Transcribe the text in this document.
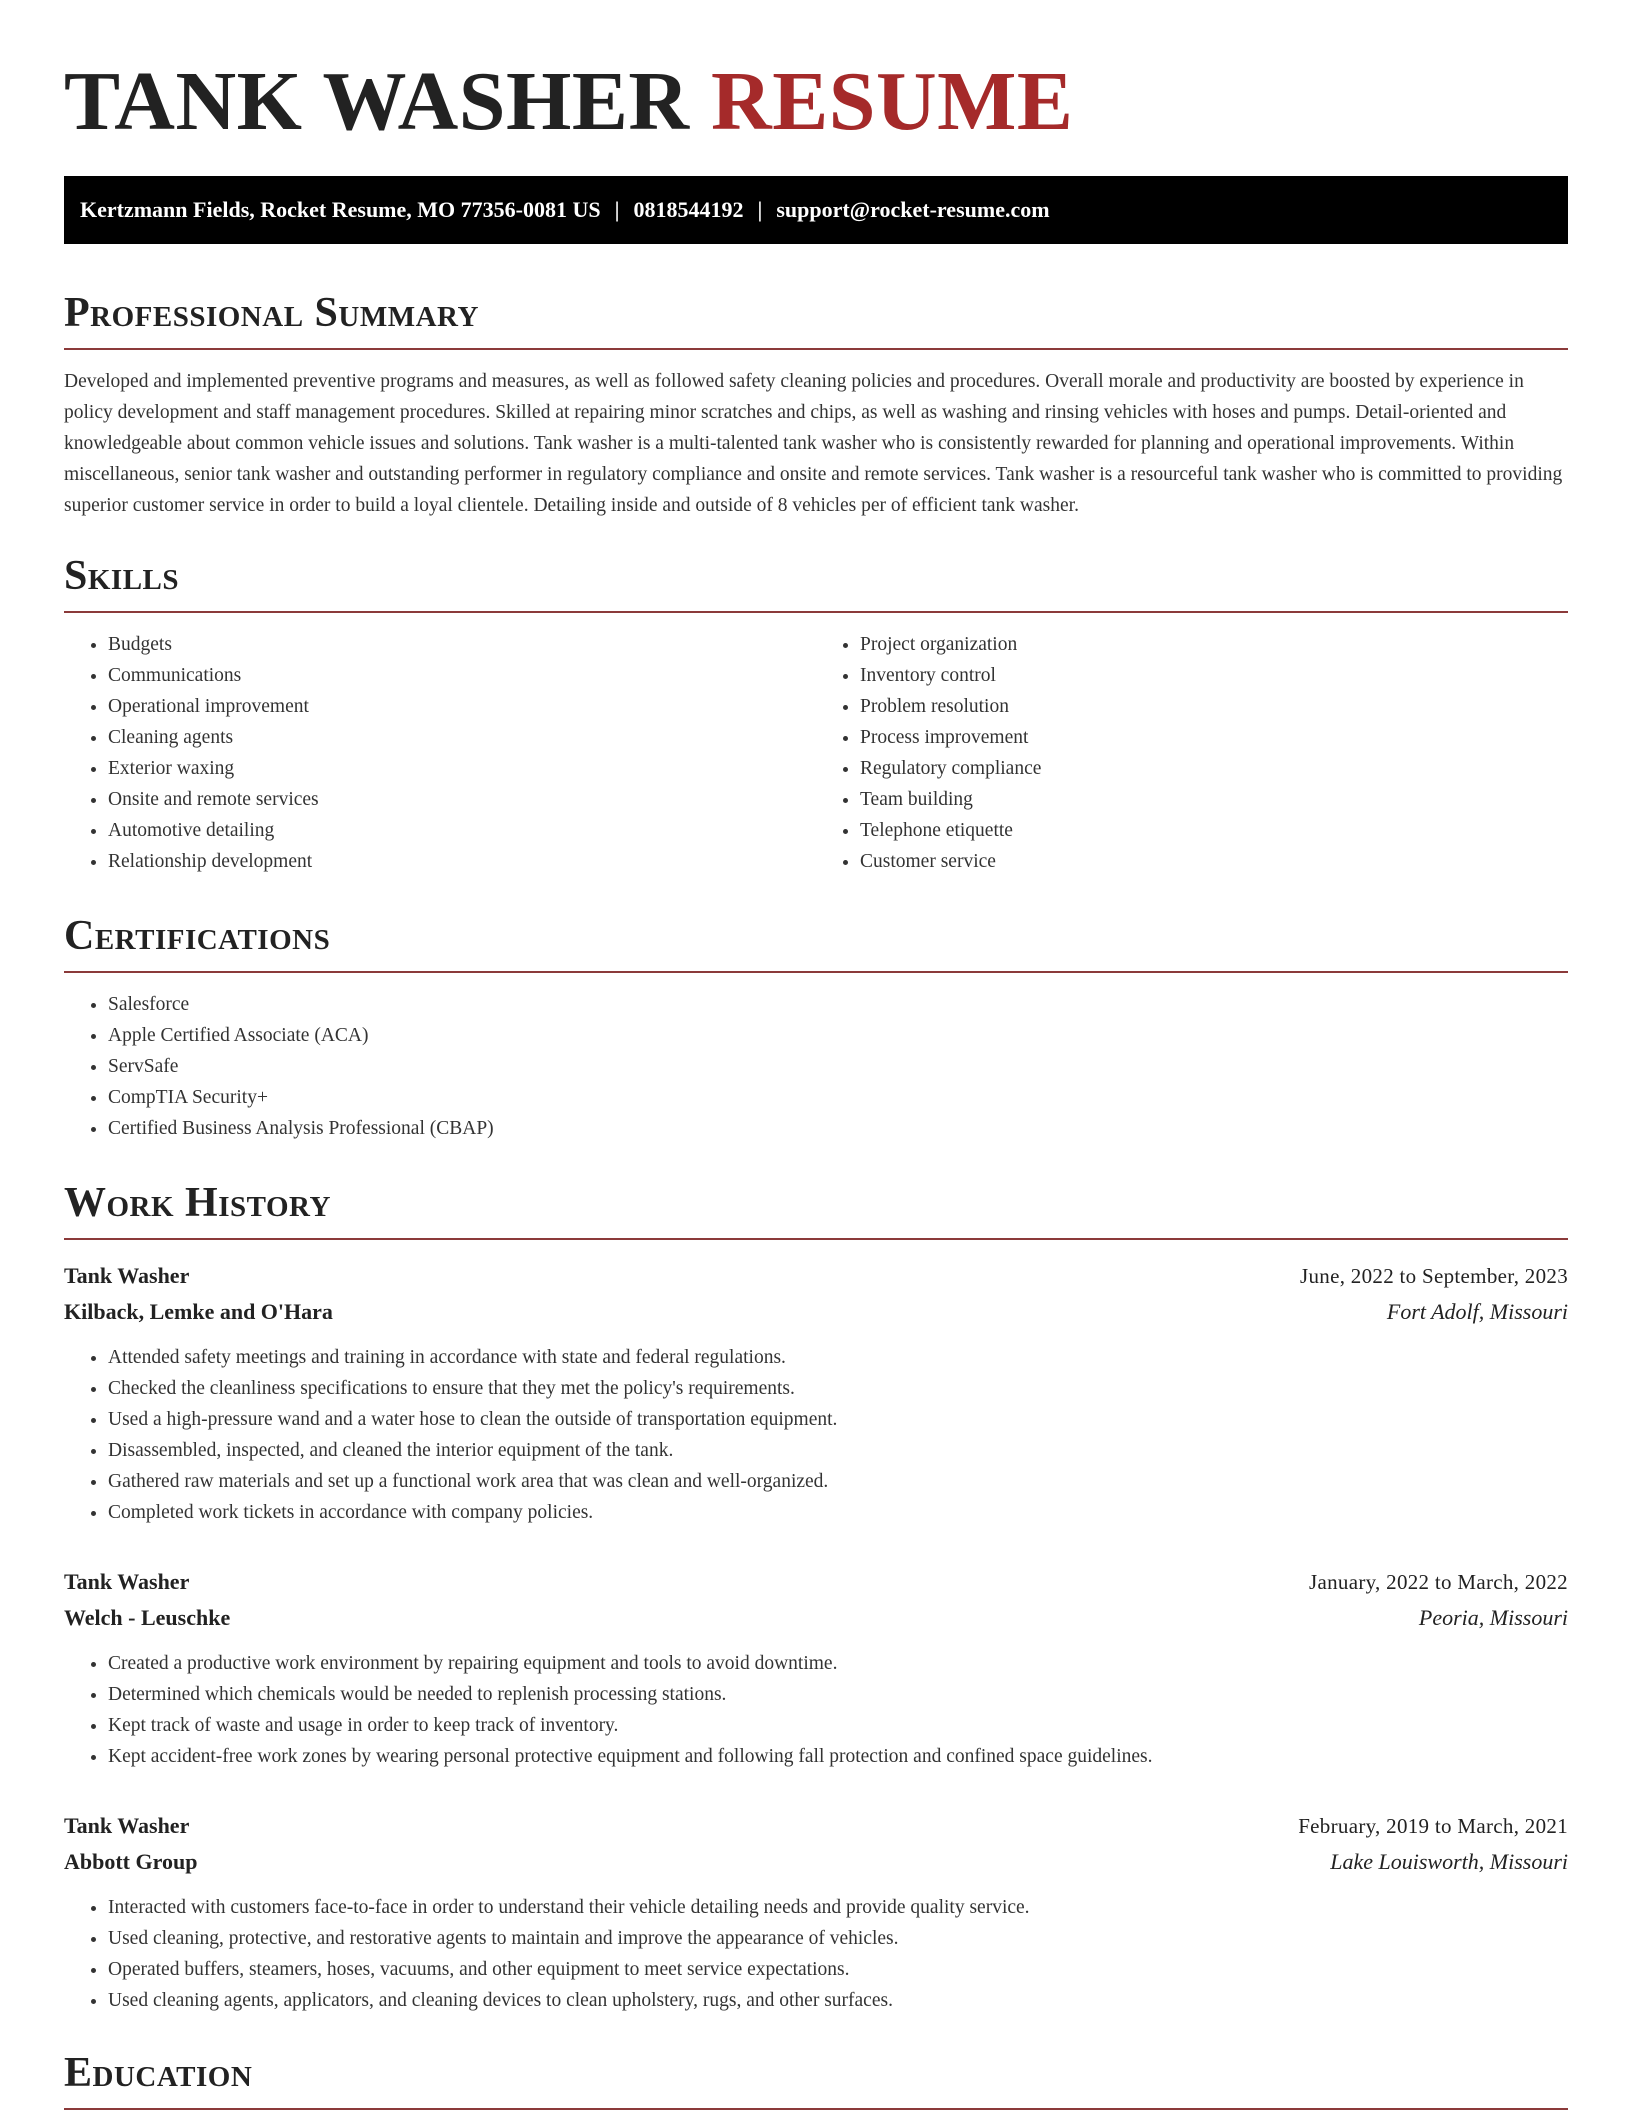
TANK WASHER RESUME
Kertzmann Fields, Rocket Resume, MO 77356-0081 US | 0818544192 | support@rocket-resume.com
Professional Summary

Developed and implemented preventive programs and measures, as well as followed safety cleaning policies and procedures. Overall morale and productivity are boosted by experience in policy development and staff management procedures. Skilled at repairing minor scratches and chips, as well as washing and rinsing vehicles with hoses and pumps. Detail-oriented and knowledgeable about common vehicle issues and solutions. Tank washer is a multi-talented tank washer who is consistently rewarded for planning and operational improvements. Within miscellaneous, senior tank washer and outstanding performer in regulatory compliance and onsite and remote services. Tank washer is a resourceful tank washer who is committed to providing superior customer service in order to build a loyal clientele. Detailing inside and outside of 8 vehicles per of efficient tank washer.

Skills
• Budgets
• Communications
• Operational improvement
• Cleaning agents
• Exterior waxing
• Onsite and remote services
• Automotive detailing
• Relationship development
• Project organization
• Inventory control
• Problem resolution
• Process improvement
• Regulatory compliance
• Team building
• Telephone etiquette
• Customer service
Certifications
• Salesforce
• Apple Certified Associate (ACA)
• ServSafe
• CompTIA Security+
• Certified Business Analysis Professional (CBAP)
Work History
Tank Washer	June, 2022 to September, 2023
Kilback, Lemke and O'Hara	Fort Adolf, Missouri
• Attended safety meetings and training in accordance with state and federal regulations.
• Checked the cleanliness specifications to ensure that they met the policy's requirements.
• Used a high-pressure wand and a water hose to clean the outside of transportation equipment.
• Disassembled, inspected, and cleaned the interior equipment of the tank.
• Gathered raw materials and set up a functional work area that was clean and well-organized.
• Completed work tickets in accordance with company policies.
Tank Washer	January, 2022 to March, 2022
Welch - Leuschke	Peoria, Missouri
• Created a productive work environment by repairing equipment and tools to avoid downtime.
• Determined which chemicals would be needed to replenish processing stations.
• Kept track of waste and usage in order to keep track of inventory.
• Kept accident-free work zones by wearing personal protective equipment and following fall protection and confined space guidelines.
Tank Washer	February, 2019 to March, 2021
Abbott Group	Lake Louisworth, Missouri
• Interacted with customers face-to-face in order to understand their vehicle detailing needs and provide quality service.
• Used cleaning, protective, and restorative agents to maintain and improve the appearance of vehicles.
• Operated buffers, steamers, hoses, vacuums, and other equipment to meet service expectations.
• Used cleaning agents, applicators, and cleaning devices to clean upholstery, rugs, and other surfaces.
Education
